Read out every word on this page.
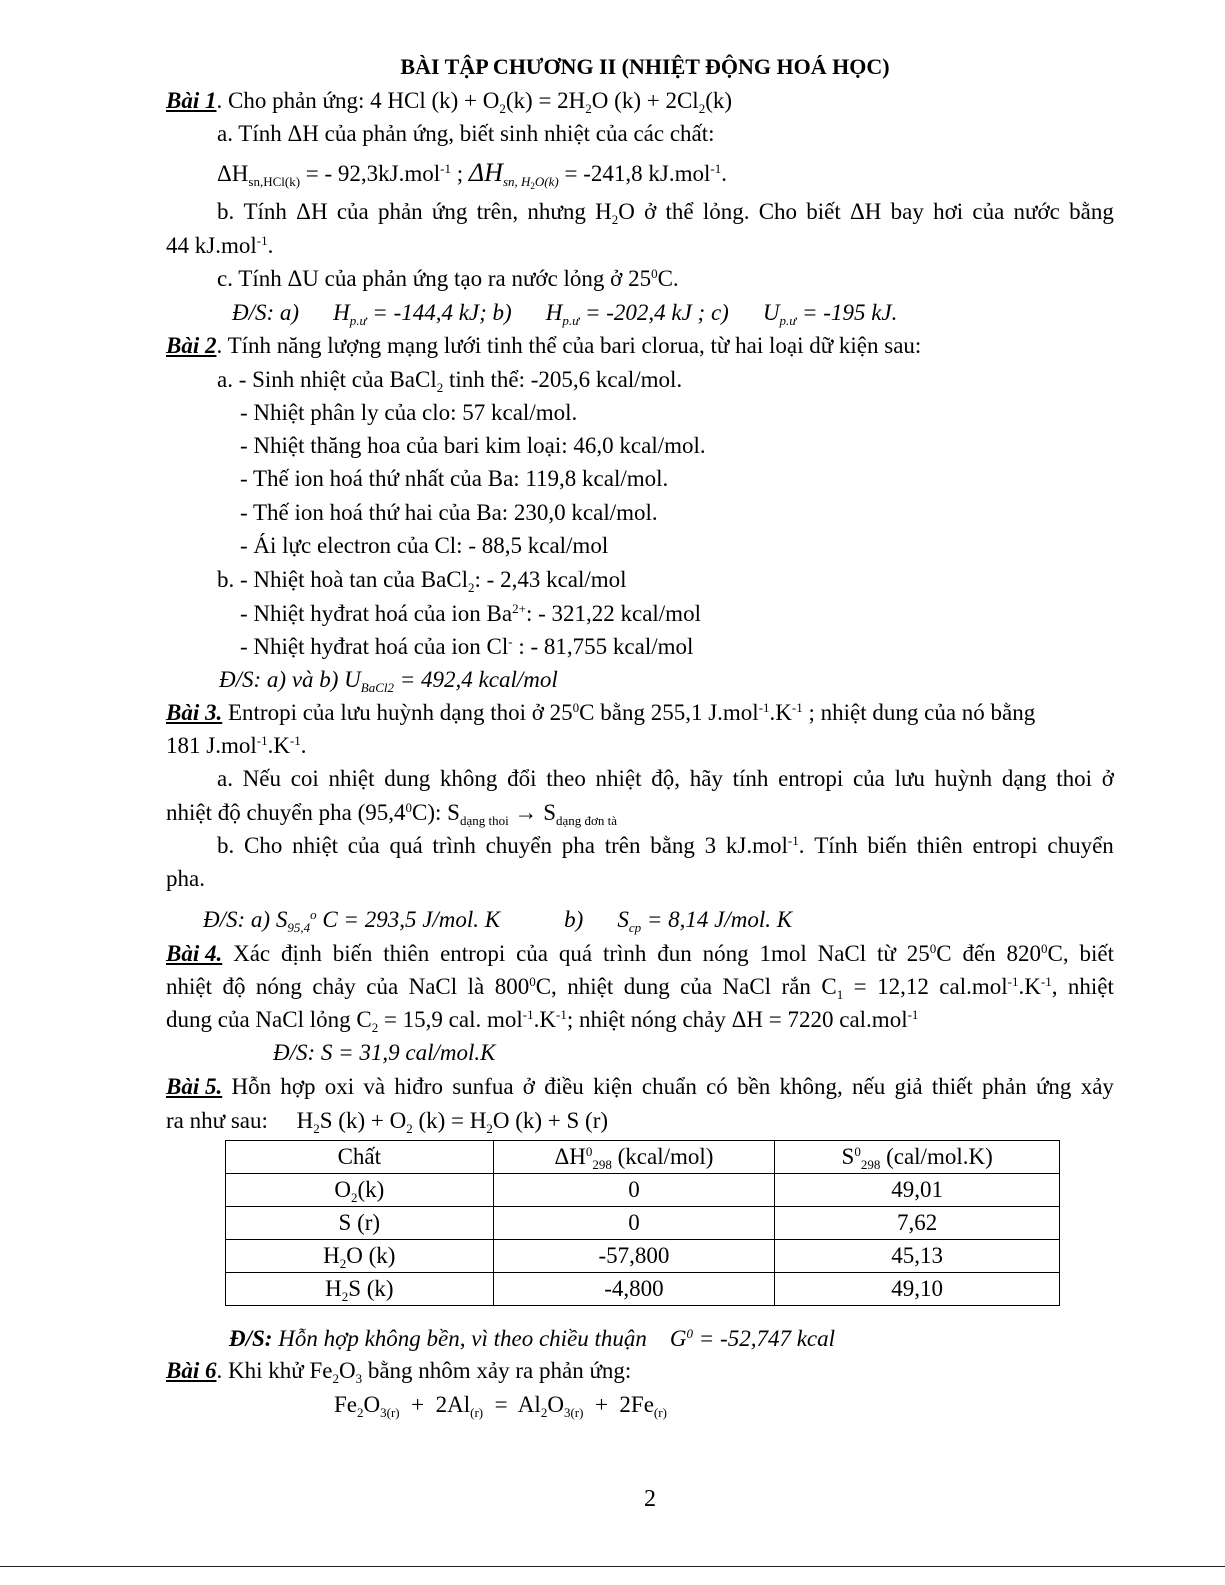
BÀI TẬP CHƯƠNG II (NHIỆT ĐỘNG HOÁ HỌC)
Bài 1. Cho phản ứng: 4 HCl $(k) + O_2(k) = 2H_2O$ $(k) + 2Cl_2(k)$
a. Tính ΔH của phản ứng, biết sinh nhiệt của các chất:
$\Delta H_{sn,HCl(k)}$ = - 92,3kJ.mol$^{-1}$ ; $\Delta H_{sn, H2O(k)} = -241,8$ kJ.mol$^{-1}$.
b. Tính ΔH của phản ứng trên, nhưng $H_2O$ ở thể lỏng. Cho biết ΔH bay hơi của nước bằng
44 kJ.mol$^{-1}$.
c. Tính ΔU của phản ứng tạo ra nước lỏng ở $25^0C$.
Đ/S: a) $H_{p.ư} = -144,4$ kJ; b) $H_{p.ư} = -202,4$ kJ ; c) $U_{p.ư} = -195$ kJ.
Bài 2. Tính năng lượng mạng lưới tinh thể của bari clorua, từ hai loại dữ kiện sau:
a. - Sinh nhiệt của BaCl$_2$ tinh thể: -205,6 kcal/mol.
- Nhiệt phân ly của clo: 57 kcal/mol.
- Nhiệt thăng hoa của bari kim loại: 46,0 kcal/mol.
- Thế ion hoá thứ nhất của Ba: 119,8 kcal/mol.
- Thế ion hoá thứ hai của Ba: 230,0 kcal/mol.
- Ái lực electron của Cl: - 88,5 kcal/mol
b. - Nhiệt hoà tan của BaCl$_2$: - 2,43 kcal/mol
- Nhiệt hyđrat hoá của ion $Ba^{2+}$: - 321,22 kcal/mol
- Nhiệt hyđrat hoá của ion Cl- : - 81,755 kcal/mol
Đ/S: a) và b) $U_{BaCl2} = 492,4$ kcal/mol
Bài 3. Entropi của lưu huỳnh dạng thoi ở $25^0C$ bằng 255,1 $J.mol^{-1}.K^{-1}$ ; nhiệt dung của nó bằng
181 $J.mol^{-1}.K^{-1}$.
a. Nếu coi nhiệt dung không đổi theo nhiệt độ, hãy tính entropi của lưu huỳnh dạng thoi ở
nhiệt độ chuyển pha (95,4$^0$C): $S_{dạng thoi} \to S_{dạng đơn tà}$
b. Cho nhiệt của quá trình chuyển pha trên bằng 3 kJ.mol$^{-1}$. Tính biến thiên entropi chuyển
pha.
Đ/S: a) $S_{95,4}^o$ C = 293,5 J/mol. K	b) $S_{cp} = 8,14$ J/mol. K
Bài 4. Xác định biến thiên entropi của quá trình đun nóng 1mol NaCl từ $25^0C$ đến $820^0C$, biết
nhiệt độ nóng chảy của NaCl là $800^0C$, nhiệt dung của NaCl rắn $C_1 = 12,12$ $cal.mol^{-1}.K^{-1}$, nhiệt
dung của NaCl lỏng $C_2 = 15,9$ cal. $mol^{-1}.K^{-1}$; nhiệt nóng chảy ΔH = 7220 cal.mol$^{-1}$
Đ/S: S = 31,9 cal/mol.K
Bài 5. Hỗn hợp oxi và hiđro sunfua ở điều kiện chuẩn có bền không, nếu giả thiết phản ứng xảy
ra như sau:     $H_2S$ $(k) + O_2$ $(k) = H_2O$ (k) + S (r)
Chất	$\Delta H^0_{298}$ (kcal/mol)	$S^0_{298}$ (cal/mol.K)
$O_2(k)$	0	49,01
S (r)	0	7,62
$H_2O$ (k)	-57,800	45,13
$H_2S$ (k)	-4,800	49,10
Đ/S: Hỗn hợp không bền, vì theo chiều thuận    $G^0 = -52,747$ kcal
Bài 6. Khi khử $Fe_2O_3$ bằng nhôm xảy ra phản ứng:
$Fe_2O_{3(r)} + 2Al_{(r)} = Al_2O_{3(r)} + 2Fe_{(r)}$
2
